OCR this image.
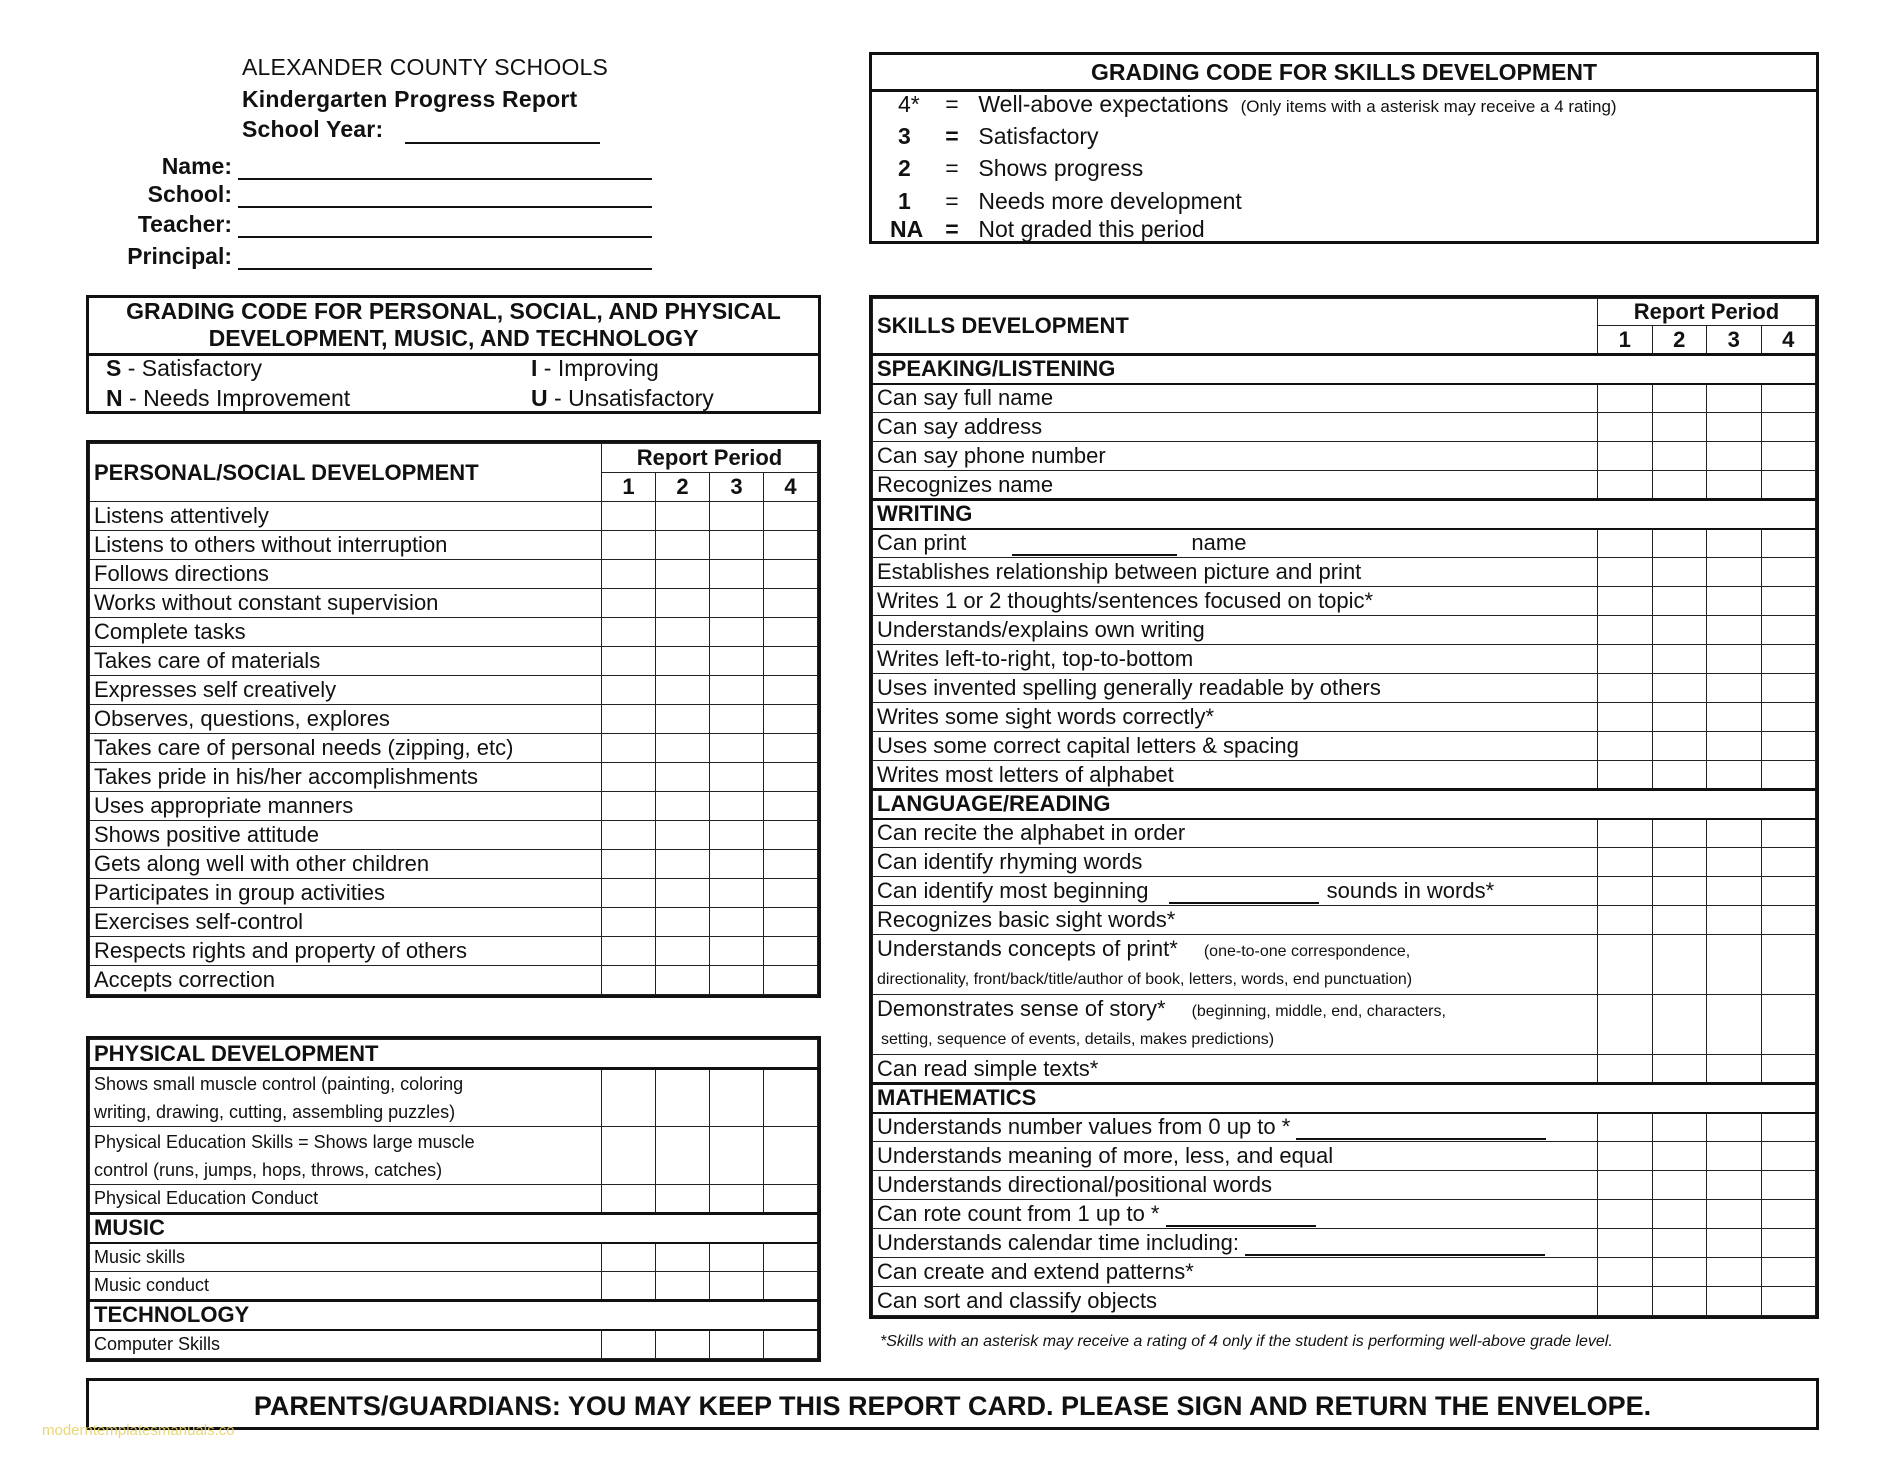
ALEXANDER COUNTY SCHOOLS
Kindergarten Progress Report
School Year:
Name:
School:
Teacher:
Principal:
GRADING CODE FOR SKILLS DEVELOPMENT
4* = Well-above expectations (Only items with a asterisk may receive a 4 rating)
3 = Satisfactory
2 = Shows progress
1 = Needs more development
NA = Not graded this period
GRADING CODE FOR PERSONAL, SOCIAL, AND PHYSICAL
DEVELOPMENT, MUSIC, AND TECHNOLOGY
S - Satisfactory	I - Improving
N - Needs Improvement	U - Unsatisfactory
PERSONAL/SOCIAL DEVELOPMENT	Report Period			
	1	2	3	4
Listens attentively				
Listens to others without interruption				
Follows directions				
Works without constant supervision				
Complete tasks				
Takes care of materials				
Expresses self creatively				
Observes, questions, explores				
Takes care of personal needs (zipping, etc)				
Takes pride in his/her accomplishments				
Uses appropriate manners				
Shows positive attitude				
Gets along well with other children				
Participates in group activities				
Exercises self-control				
Respects rights and property of others				
Accepts correction				
PHYSICAL DEVELOPMENT				

Shows small muscle control (painting, coloring
writing, drawing, cutting, assembling puzzles)				

Physical Education Skills = Shows large muscle
control (runs, jumps, hops, throws, catches)				

Physical Education Conduct				
MUSIC				
Music skills				
Music conduct				
TECHNOLOGY				
Computer Skills				
SKILLS DEVELOPMENT	Report Period			
	1	2	3	4
SPEAKING/LISTENING				
Can say full name				
Can say address				
Can say phone number				
Recognizes name				
WRITING				
Can print name				
Establishes relationship between picture and print				
Writes 1 or 2 thoughts/sentences focused on topic*				
Understands/explains own writing				
Writes left-to-right, top-to-bottom				
Uses invented spelling generally readable by others				
Writes some sight words correctly*				
Uses some correct capital letters & spacing				
Writes most letters of alphabet				
LANGUAGE/READING				
Can recite the alphabet in order				
Can identify rhyming words				
Can identify most beginning sounds in words*				
Recognizes basic sight words*				

Understands concepts of print* (one-to-one correspondence,
directionality, front/back/title/author of book, letters, words, end punctuation)				

Demonstrates sense of story* (beginning, middle, end, characters,
setting, sequence of events, details, makes predictions)				

Can read simple texts*				
MATHEMATICS				
Understands number values from 0 up to *				
Understands meaning of more, less, and equal				
Understands directional/positional words				
Can rote count from 1 up to *				
Understands calendar time including:				
Can create and extend patterns*				
Can sort and classify objects				
*Skills with an asterisk may receive a rating of 4 only if the student is performing well-above grade level.
PARENTS/GUARDIANS: YOU MAY KEEP THIS REPORT CARD. PLEASE SIGN AND RETURN THE ENVELOPE.
moderntemplatesmanuals.co
